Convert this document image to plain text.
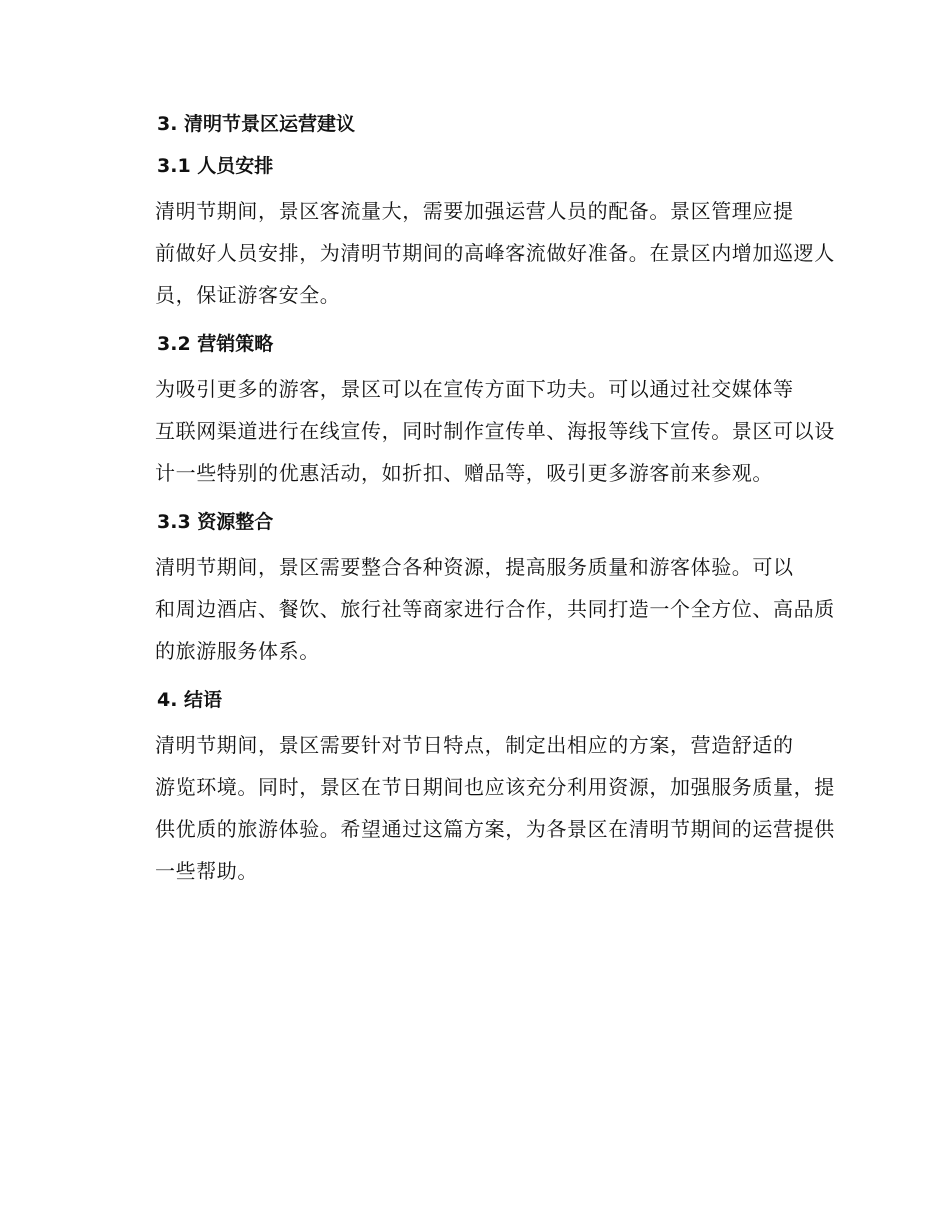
3. 清明节景区运营建议
3.1 人员安排

清明节期间，景区客流量大，需要加强运营人员的配备。景区管理应提
前做好人员安排，为清明节期间的高峰客流做好准备。在景区内增加巡逻人
员，保证游客安全。

3.2 营销策略

为吸引更多的游客，景区可以在宣传方面下功夫。可以通过社交媒体等
互联网渠道进行在线宣传，同时制作宣传单、海报等线下宣传。景区可以设
计一些特别的优惠活动，如折扣、赠品等，吸引更多游客前来参观。

3.3 资源整合

清明节期间，景区需要整合各种资源，提高服务质量和游客体验。可以
和周边酒店、餐饮、旅行社等商家进行合作，共同打造一个全方位、高品质
的旅游服务体系。

4. 结语

清明节期间，景区需要针对节日特点，制定出相应的方案，营造舒适的
游览环境。同时，景区在节日期间也应该充分利用资源，加强服务质量，提
供优质的旅游体验。希望通过这篇方案，为各景区在清明节期间的运营提供
一些帮助。
